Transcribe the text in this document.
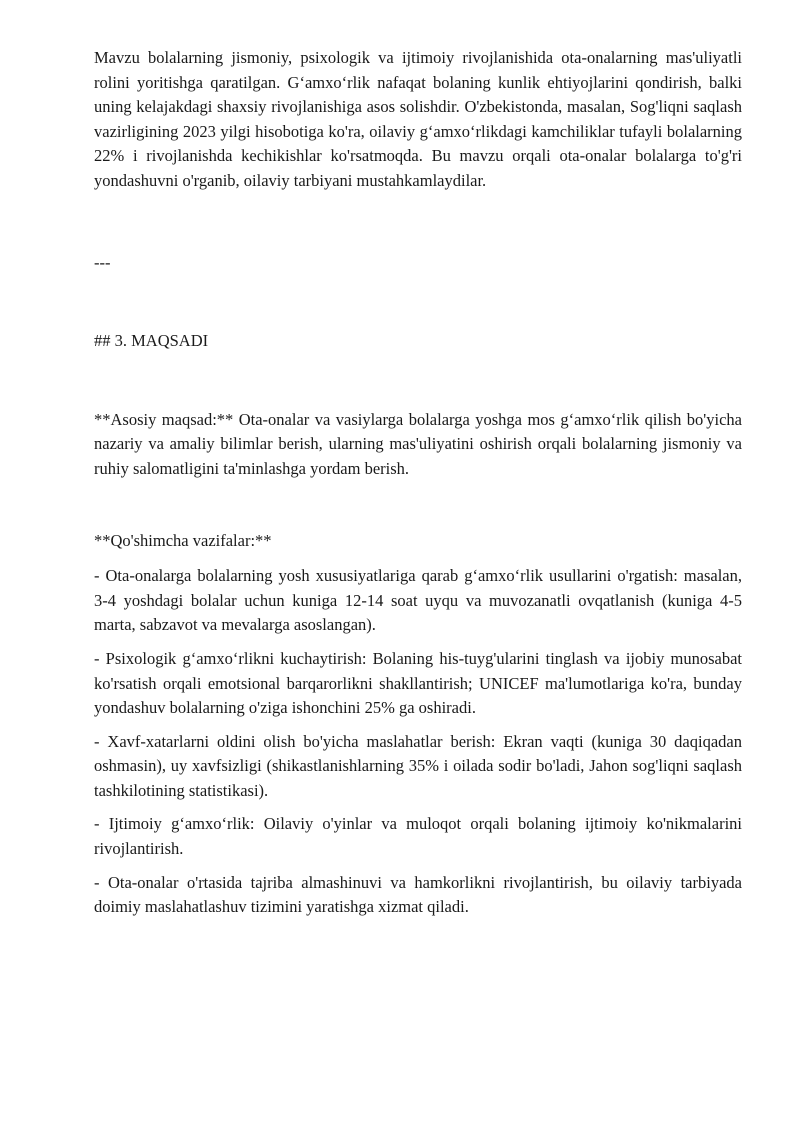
Mavzu bolalarning jismoniy, psixologik va ijtimoiy rivojlanishida ota-onalarning mas'uliyatli rolini yoritishga qaratilgan. G‘amxo‘rlik nafaqat bolaning kunlik ehtiyojlarini qondirish, balki uning kelajakdagi shaxsiy rivojlanishiga asos solishdir. O'zbekistonda, masalan, Sog'liqni saqlash vazirligining 2023 yilgi hisobotiga ko'ra, oilaviy g‘amxo‘rlikdagi kamchiliklar tufayli bolalarning 22% i rivojlanishda kechikishlar ko'rsatmoqda. Bu mavzu orqali ota-onalar bolalarga to'g'ri yondashuvni o'rganib, oilaviy tarbiyani mustahkamlaydilar.

---
## 3. MAQSADI

**Asosiy maqsad:** Ota-onalar va vasiylarga bolalarga yoshga mos g‘amxo‘rlik qilish bo'yicha nazariy va amaliy bilimlar berish, ularning mas'uliyatini oshirish orqali bolalarning jismoniy va ruhiy salomatligini ta'minlashga yordam berish.

**Qo'shimcha vazifalar:**

- Ota-onalarga bolalarning yosh xususiyatlariga qarab g‘amxo‘rlik usullarini o'rgatish: masalan, 3-4 yoshdagi bolalar uchun kuniga 12-14 soat uyqu va muvozanatli ovqatlanish (kuniga 4-5 marta, sabzavot va mevalarga asoslangan).

- Psixologik g‘amxo‘rlikni kuchaytirish: Bolaning his-tuyg'ularini tinglash va ijobiy munosabat ko'rsatish orqali emotsional barqarorlikni shakllantirish; UNICEF ma'lumotlariga ko'ra, bunday yondashuv bolalarning o'ziga ishonchini 25% ga oshiradi.

- Xavf-xatarlarni oldini olish bo'yicha maslahatlar berish: Ekran vaqti (kuniga 30 daqiqadan oshmasin), uy xavfsizligi (shikastlanishlarning 35% i oilada sodir bo'ladi, Jahon sog'liqni saqlash tashkilotining statistikasi).

- Ijtimoiy g‘amxo‘rlik: Oilaviy o'yinlar va muloqot orqali bolaning ijtimoiy ko'nikmalarini rivojlantirish.

- Ota-onalar o'rtasida tajriba almashinuvi va hamkorlikni rivojlantirish, bu oilaviy tarbiyada doimiy maslahatlashuv tizimini yaratishga xizmat qiladi.
